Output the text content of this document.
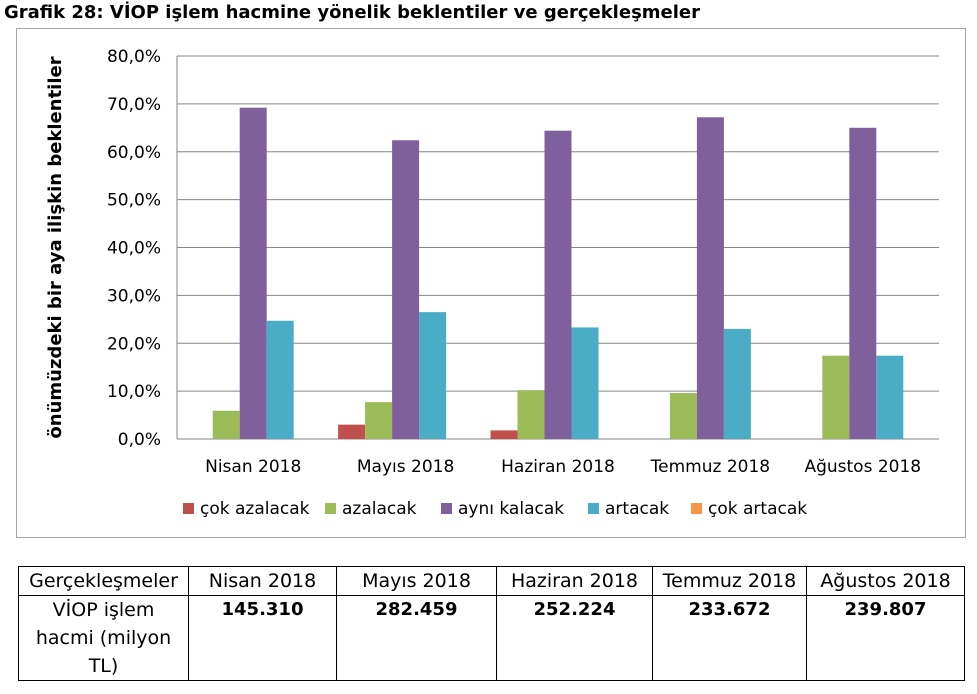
Grafik 28: VİOP işlem hacmine yönelik beklentiler ve gerçekleşmeler
0,0%
10,0%
20,0%
30,0%
40,0%
50,0%
60,0%
70,0%
80,0%
Nisan 2018	Mayıs 2018	Haziran 2018 Temmuz 2018 Ağustos 2018
önümüzdeki bir aya ilişkin beklentiler
çok azalacak azalacak aynı kalacak artacak çok artacak
Gerçekleşmeler	Nisan 2018	Mayıs 2018	Haziran 2018	Temmuz 2018	Ağustos 2018
VİOP işlem hacmi (milyon TL)	145.310	282.459	252.224	233.672	239.807
